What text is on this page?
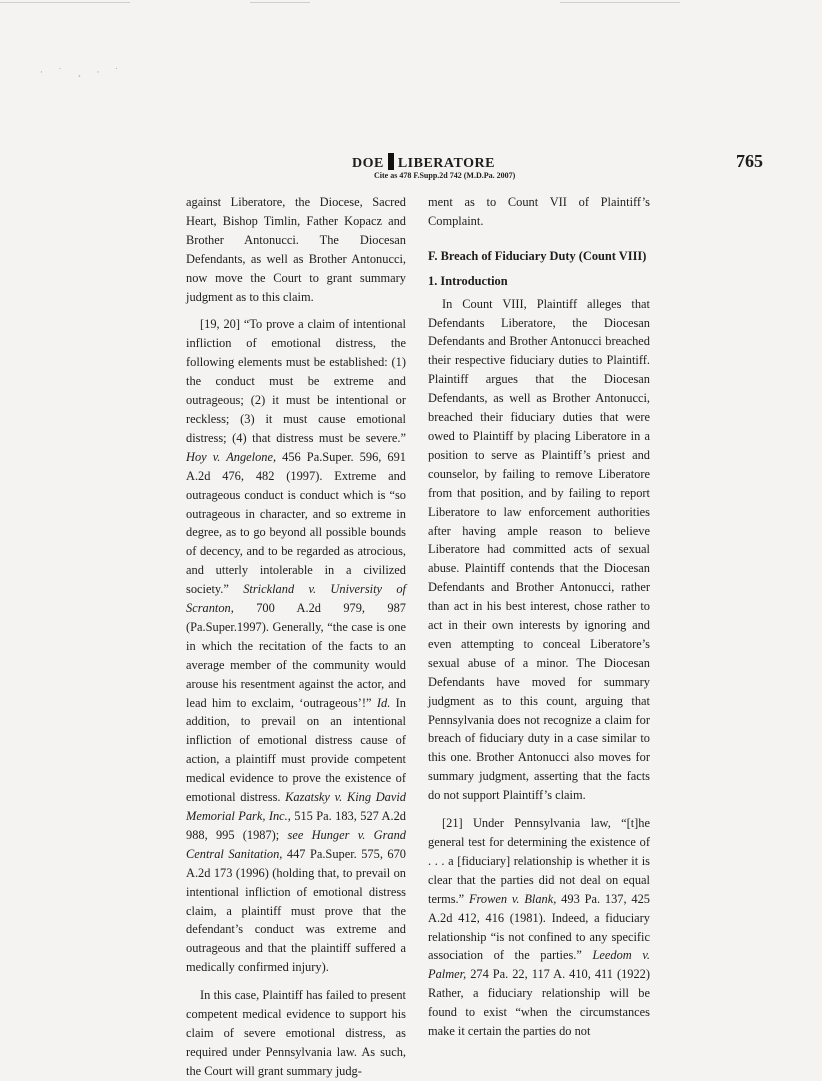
· ˙ ¸ · ˙
DOE LIBERATORE
Cite as 478 F.Supp.2d 742 (M.D.Pa. 2007)
765

against Liberatore, the Diocese, Sacred Heart, Bishop Timlin, Father Kopacz and Brother Antonucci. The Diocesan Defendants, as well as Brother Antonucci, now move the Court to grant summary judgment as to this claim.

[19, 20] “To prove a claim of intentional infliction of emotional distress, the following elements must be established: (1) the conduct must be extreme and outrageous; (2) it must be intentional or reckless; (3) it must cause emotional distress; (4) that distress must be severe.” Hoy v. Angelone, 456 Pa.Super. 596, 691 A.2d 476, 482 (1997). Extreme and outrageous conduct is conduct which is “so outrageous in character, and so extreme in degree, as to go beyond all possible bounds of decency, and to be regarded as atrocious, and utterly intolerable in a civilized society.” Strickland v. University of Scranton, 700 A.2d 979, 987 (Pa.Super.1997). Generally, “the case is one in which the recitation of the facts to an average member of the community would arouse his resentment against the actor, and lead him to exclaim, ‘outrageous’!” Id. In addition, to prevail on an intentional infliction of emotional distress cause of action, a plaintiff must provide competent medical evidence to prove the existence of emotional distress. Kazatsky v. King David Memorial Park, Inc., 515 Pa. 183, 527 A.2d 988, 995 (1987); see Hunger v. Grand Central Sanitation, 447 Pa.Super. 575, 670 A.2d 173 (1996) (holding that, to prevail on intentional infliction of emotional distress claim, a plaintiff must prove that the defendant’s conduct was extreme and outrageous and that the plaintiff suffered a medically confirmed injury).

In this case, Plaintiff has failed to present competent medical evidence to support his claim of severe emotional distress, as required under Pennsylvania law. As such, the Court will grant summary judg-

ment as to Count VII of Plaintiff’s Complaint.

F. Breach of Fiduciary Duty (Count VIII)
1. Introduction

In Count VIII, Plaintiff alleges that Defendants Liberatore, the Diocesan Defendants and Brother Antonucci breached their respective fiduciary duties to Plaintiff. Plaintiff argues that the Diocesan Defendants, as well as Brother Antonucci, breached their fiduciary duties that were owed to Plaintiff by placing Liberatore in a position to serve as Plaintiff’s priest and counselor, by failing to remove Liberatore from that position, and by failing to report Liberatore to law enforcement authorities after having ample reason to believe Liberatore had committed acts of sexual abuse. Plaintiff contends that the Diocesan Defendants and Brother Antonucci, rather than act in his best interest, chose rather to act in their own interests by ignoring and even attempting to conceal Liberatore’s sexual abuse of a minor. The Diocesan Defendants have moved for summary judgment as to this count, arguing that Pennsylvania does not recognize a claim for breach of fiduciary duty in a case similar to this one. Brother Antonucci also moves for summary judgment, asserting that the facts do not support Plaintiff’s claim.

[21] Under Pennsylvania law, “[t]he general test for determining the existence of . . . a [fiduciary] relationship is whether it is clear that the parties did not deal on equal terms.” Frowen v. Blank, 493 Pa. 137, 425 A.2d 412, 416 (1981). Indeed, a fiduciary relationship “is not confined to any specific association of the parties.” Leedom v. Palmer, 274 Pa. 22, 117 A. 410, 411 (1922) Rather, a fiduciary relationship will be found to exist “when the circumstances make it certain the parties do not
